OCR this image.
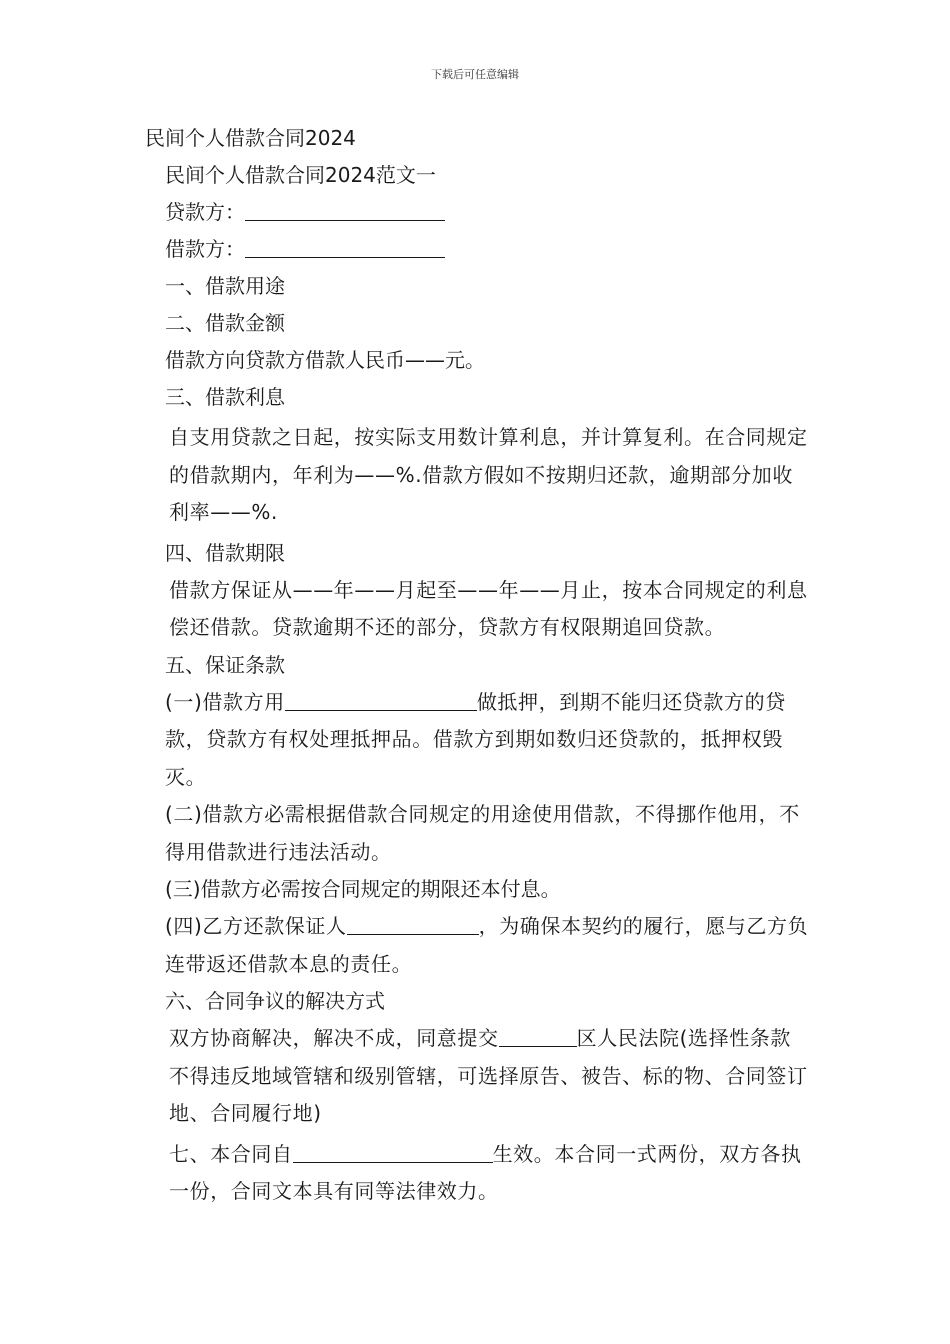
下载后可任意编辑
民间个人借款合同2024
民间个人借款合同2024范文一
贷款方：
借款方：
一、借款用途
二、借款金额
借款方向贷款方借款人民币——元。
三、借款利息
自支用贷款之日起，按实际支用数计算利息，并计算复利。在合同规定的借款期内，年利为——%.借款方假如不按期归还款，逾期部分加收利率——%.
四、借款期限
借款方保证从——年——月起至——年——月止，按本合同规定的利息偿还借款。贷款逾期不还的部分，贷款方有权限期追回贷款。
五、保证条款
(一)借款方用	做抵押，到期不能归还贷款方的贷款，贷款方有权处理抵押品。借款方到期如数归还贷款的，抵押权毁灭。
(二)借款方必需根据借款合同规定的用途使用借款，不得挪作他用，不得用借款进行违法活动。
(三)借款方必需按合同规定的期限还本付息。
(四)乙方还款保证人	，为确保本契约的履行，愿与乙方负连带返还借款本息的责任。
六、合同争议的解决方式
双方协商解决，解决不成，同意提交	区人民法院(选择性条款不得违反地域管辖和级别管辖，可选择原告、被告、标的物、合同签订地、合同履行地)
七、本合同自	生效。本合同一式两份，双方各执一份，合同文本具有同等法律效力。
